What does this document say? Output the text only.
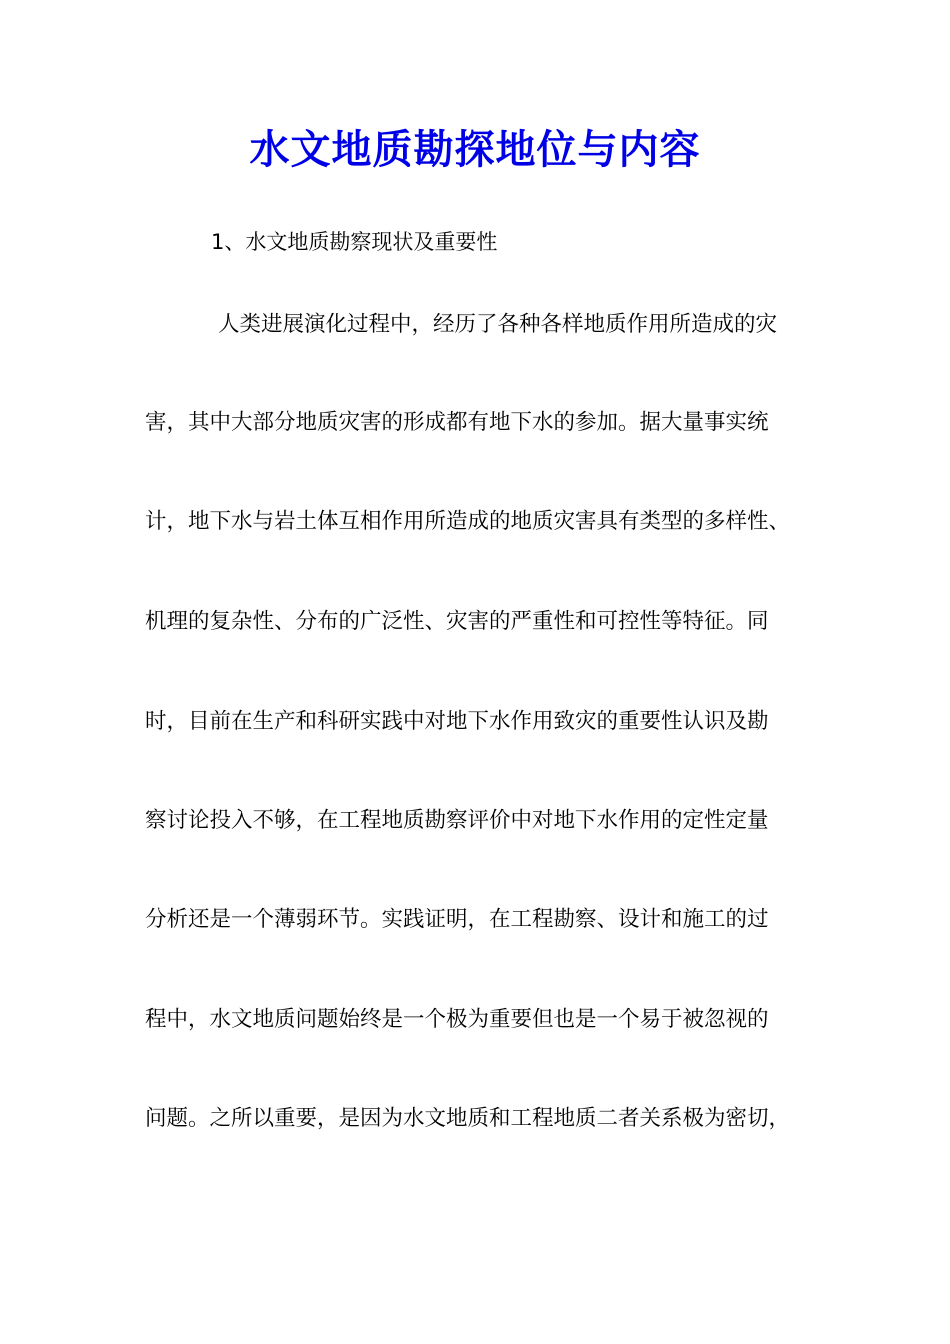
水文地质勘探地位与内容

1、水文地质勘察现状及重要性

人类进展演化过程中，经历了各种各样地质作用所造成的灾

害，其中大部分地质灾害的形成都有地下水的参加。据大量事实统

计，地下水与岩土体互相作用所造成的地质灾害具有类型的多样性、

机理的复杂性、分布的广泛性、灾害的严重性和可控性等特征。同

时，目前在生产和科研实践中对地下水作用致灾的重要性认识及勘

察讨论投入不够，在工程地质勘察评价中对地下水作用的定性定量

分析还是一个薄弱环节。实践证明，在工程勘察、设计和施工的过

程中，水文地质问题始终是一个极为重要但也是一个易于被忽视的

问题。之所以重要，是因为水文地质和工程地质二者关系极为密切，
